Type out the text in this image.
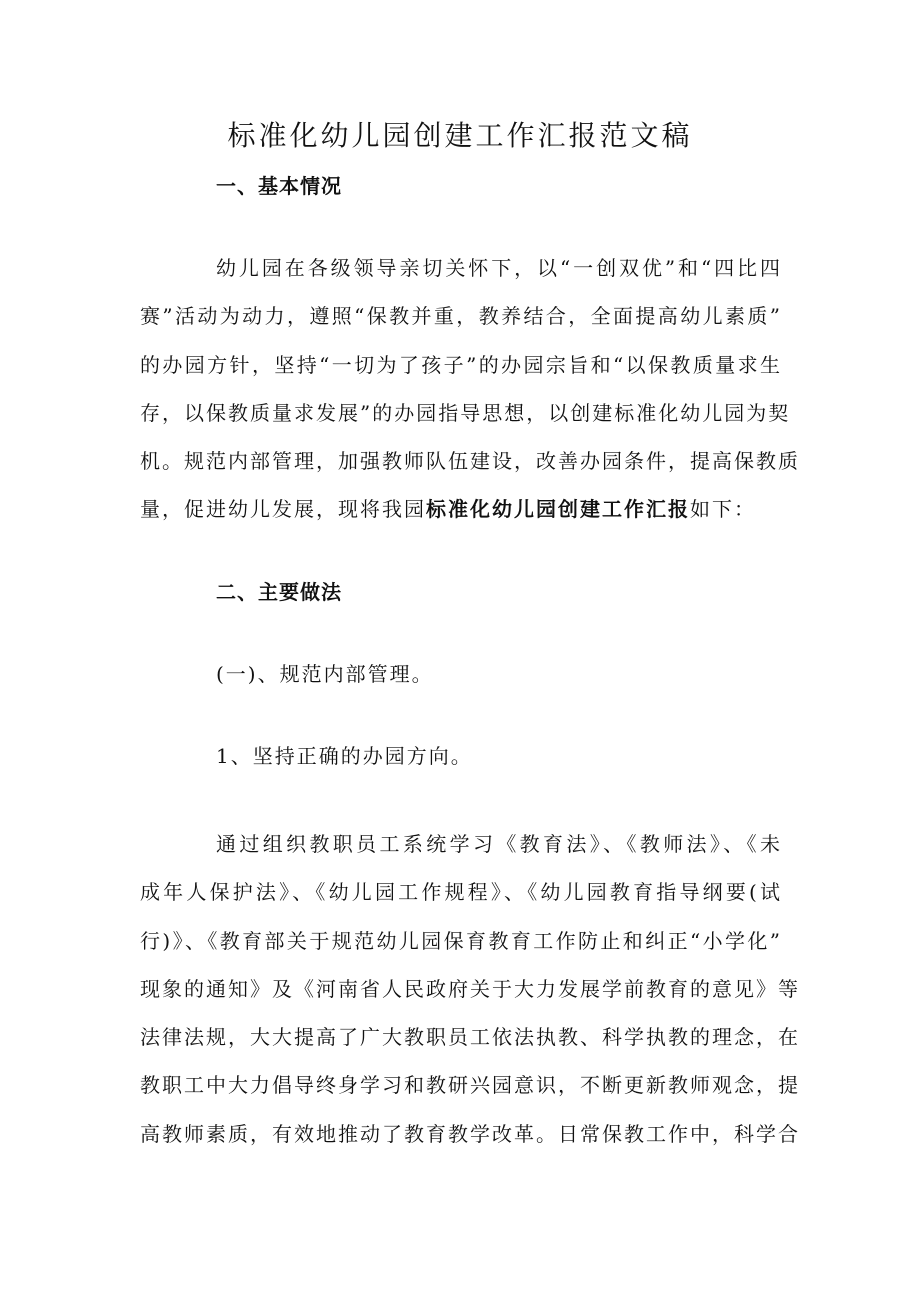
标准化幼儿园创建工作汇报范文稿
一、基本情况

幼儿园在各级领导亲切关怀下，以“一创双优”和“四比四
赛”活动为动力，遵照“保教并重，教养结合，全面提高幼儿素质”
的办园方针，坚持“一切为了孩子”的办园宗旨和“以保教质量求生
存，以保教质量求发展”的办园指导思想，以创建标准化幼儿园为契
机。规范内部管理，加强教师队伍建设，改善办园条件，提高保教质
量，促进幼儿发展，现将我园标准化幼儿园创建工作汇报如下：

二、主要做法

(一)、规范内部管理。

1、坚持正确的办园方向。

通过组织教职员工系统学习《教育法》、《教师法》、《未
成年人保护法》、《幼儿园工作规程》、《幼儿园教育指导纲要(试
行)》、《教育部关于规范幼儿园保育教育工作防止和纠正“小学化”
现象的通知》及《河南省人民政府关于大力发展学前教育的意见》等
法律法规，大大提高了广大教职员工依法执教、科学执教的理念，在
教职工中大力倡导终身学习和教研兴园意识，不断更新教师观念，提
高教师素质，有效地推动了教育教学改革。日常保教工作中，科学合
